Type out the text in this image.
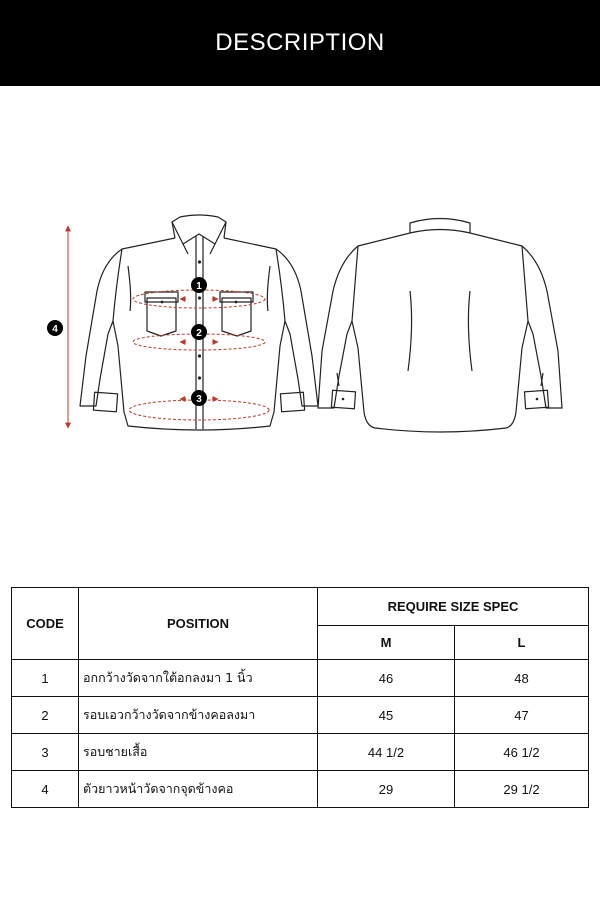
DESCRIPTION
1
2
3
4
CODE	POSITION	REQUIRE SIZE SPEC	
		M	L
1	อกกว้างวัดจากใต้อกลงมา 1 นิ้ว	46	48
2	รอบเอวกว้างวัดจากข้างคอลงมา	45	47
3	รอบชายเสื้อ	44 1/2	46 1/2
4	ตัวยาวหน้าวัดจากจุดข้างคอ	29	29 1/2
